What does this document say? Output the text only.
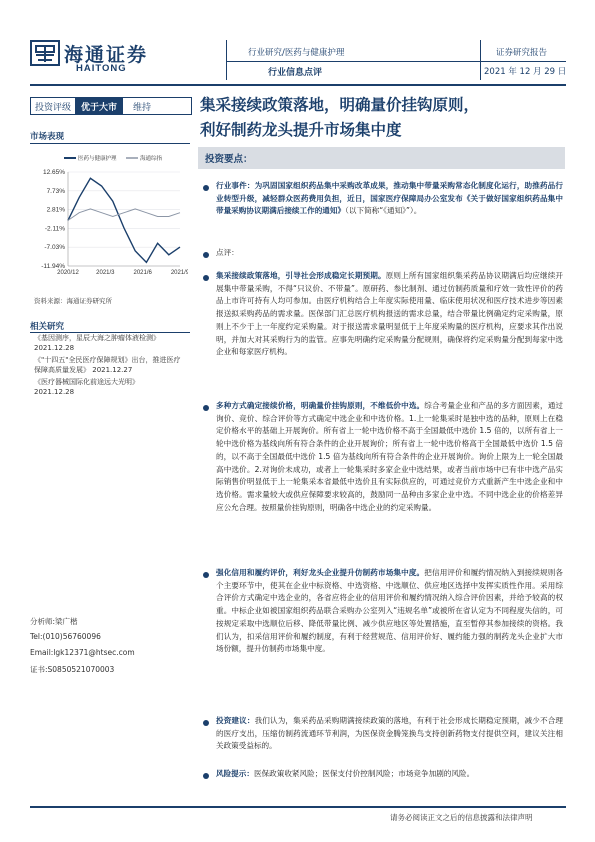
海通证券
HAITONG
行业研究/医药与健康护理
行业信息点评
证券研究报告
2021 年 12 月 29 日
投资评级	优于大市	维持	集采接续政策落地，明确量价挂钩原则，
利好制药龙头提升市场集中度
市场表现
医药与健康护理	海通综指
12.65%
7.73%
2.81%
-2.11%
-7.03%
-11.94%
2020/12	2021/3	2021/6	2021/9
资料来源：海通证券研究所
相关研究
《基因测序，星辰大海之肿瘤体液检测》
2021.12.28
《"十四五"全民医疗保障规划》出台，推进医疗保障高质量发展》 2021.12.27
《医疗器械国际化前途远大光明》
2021.12.28
分析师:梁广楷
Tel:(010)56760096
Email:lgk12371@htsec.com
证书:S0850521070003
投资要点：
行业事件：为巩固国家组织药品集中采购改革成果，推动集中带量采购常态化制度化运行，助推药品行业转型升级，减轻群众医药费用负担，近日，国家医疗保障局办公室发布《关于做好国家组织药品集中带量采购协议期满后接续工作的通知》（以下简称“《通知》”）。
点评：
集采接续政策落地，引导社会形成稳定长期预期。原则上所有国家组织集采药品协议期满后均应继续开展集中带量采购，不得“只议价、不带量”。原研药、参比制剂、通过仿制药质量和疗效一致性评价的药品上市许可持有人均可参加。由医疗机构结合上年度实际使用量、临床使用状况和医疗技术进步等因素报送拟采购药品的需求量。医保部门汇总医疗机构报送的需求总量，结合带量比例确定约定采购量，原则上不少于上一年度约定采购量。对于报送需求量明显低于上年度采购量的医疗机构，应要求其作出说明，并加大对其采购行为的监管。应事先明确约定采购量分配规则，确保将约定采购量分配到每家中选企业和每家医疗机构。
多种方式确定接续价格，明确量价挂钩原则，不维低价中选。综合考量企业和产品的多方面因素，通过询价、竞价、综合评价等方式确定中选企业和中选价格。1.上一轮集采时是独中选的品种，原则上在稳定价格水平的基础上开展询价。所有省上一轮中选价格不高于全国最低中选价 1.5 倍的，以所有省上一轮中选价格为基线向所有符合条件的企业开展询价；所有省上一轮中选价格高于全国最低中选价 1.5 倍的，以不高于全国最低中选价 1.5 倍为基线向所有符合条件的企业开展询价。询价上限为上一轮全国最高中选价。2.对询价未成功，或者上一轮集采时多家企业中选结果，或者当前市场中已有非中选产品实际销售价明显低于上一轮集采本省最低中选价且有实际供应的，可通过竞价方式重新产生中选企业和中选价格。需求量较大或供应保障要求较高的，鼓励同一品种由多家企业中选。不同中选企业的价格差异应公允合理。按照量价挂钩原则，明确各中选企业的约定采购量。
强化信用和履约评价，利好龙头企业提升仿制药市场集中度。把信用评价和履约情况纳入到接续规则各个主要环节中，使其在企业中标资格、中选资格、中选顺位、供应地区选择中发挥实质性作用。采用综合评价方式确定中选企业的，各省应将企业的信用评价和履约情况纳入综合评价因素，并给予较高的权重。中标企业如被国家组织药品联合采购办公室列入“违规名单”或被所在省认定为不同程度失信的，可按规定采取中选顺位后移、降低带量比例、减少供应地区等处置措施，直至暂停其参加接续的资格。我们认为，扣采信用评价和履约制度，有利于经营规范、信用评价好、履约能力强的制药龙头企业扩大市场份额，提升仿制药市场集中度。
投资建议：我们认为，集采药品采购期满接续政策的落地，有利于社会形成长期稳定预期，减少不合理的医疗支出，压缩仿制药流通环节利润，为医保资金腾笼换鸟支持创新药物支付提供空间，建议关注相关政策受益标的。
风险提示：医保政策收紧风险；医保支付价控制风险；市场竞争加剧的风险。
请务必阅读正文之后的信息披露和法律声明
